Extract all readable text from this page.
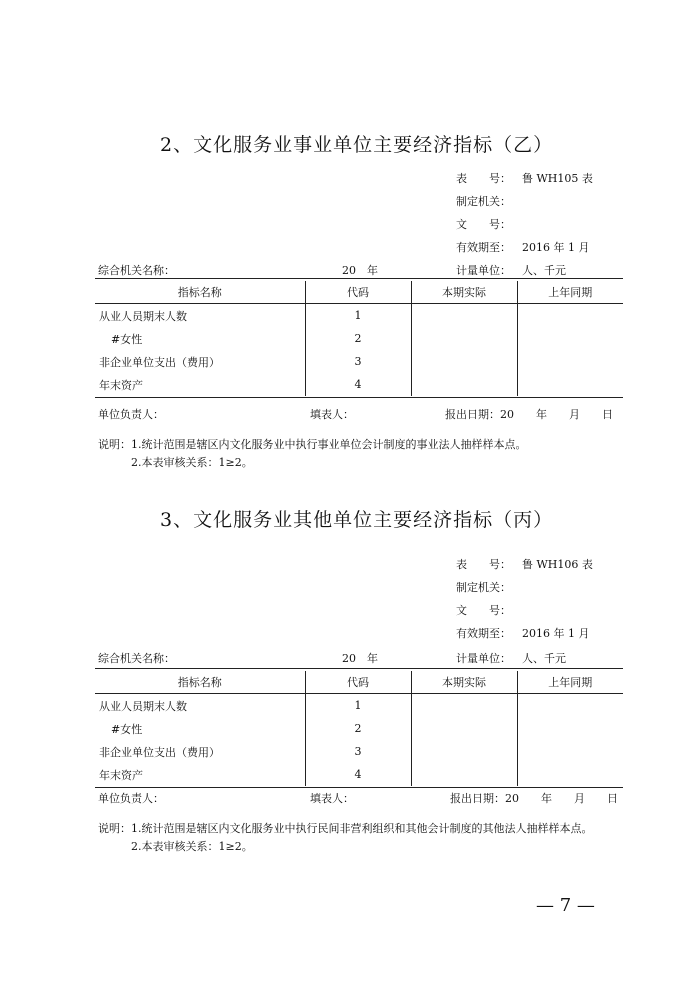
2、文化服务业事业单位主要经济指标（乙）
表　　号： 鲁 WH105 表
制定机关：
文　　号：
有效期至： 2016 年 1 月
综合机关名称：	20　年	计量单位： 人、千元
指标名称	代码	本期实际	上年同期
从业人员期末人数	1		
#女性	2		
非企业单位支出（费用）	3		
年末资产	4		
单位负责人：	填表人：	报出日期：20　　年　　月　　日
说明：1.统计范围是辖区内文化服务业中执行事业单位会计制度的事业法人抽样样本点。
2.本表审核关系：1≥2。
3、文化服务业其他单位主要经济指标（丙）
表　　号： 鲁 WH106 表
制定机关：
文　　号：
有效期至： 2016 年 1 月
综合机关名称：	20　年	计量单位： 人、千元
指标名称	代码	本期实际	上年同期
从业人员期末人数	1		
#女性	2		
非企业单位支出（费用）	3		
年末资产	4		
单位负责人：	填表人：	报出日期：20　　年　　月　　日
说明：1.统计范围是辖区内文化服务业中执行民间非营利组织和其他会计制度的其他法人抽样样本点。
2.本表审核关系：1≥2。
— 7 —
